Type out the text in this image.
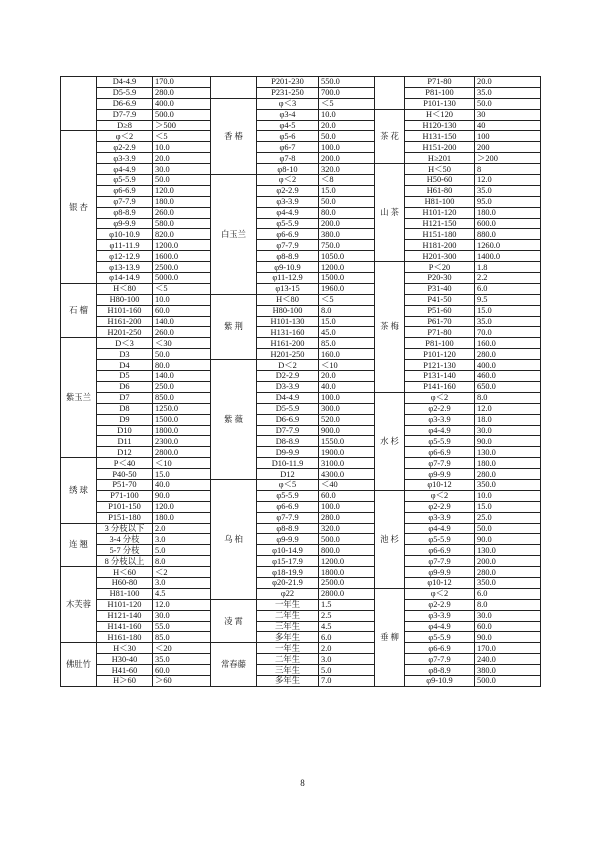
	D4-4.9	170.0
	D5-5.9	280.0
	D6-6.9	400.0
	D7-7.9	500.0
	D≥8	＞500
银 杏	φ＜2	＜5
	φ2-2.9	10.0
	φ3-3.9	20.0
	φ4-4.9	30.0
	φ5-5.9	50.0
	φ6-6.9	120.0
	φ7-7.9	180.0
	φ8-8.9	260.0
	φ9-9.9	580.0
	φ10-10.9	820.0
	φ11-11.9	1200.0
	φ12-12.9	1600.0
	φ13-13.9	2500.0
	φ14-14.9	5000.0
石 榴	H＜80	＜5
	H80-100	10.0
	H101-160	60.0
	H161-200	140.0
	H201-250	260.0
紫玉兰	D＜3	＜30
	D3	50.0
	D4	80.0
	D5	140.0
	D6	250.0
	D7	850.0
	D8	1250.0
	D9	1500.0
	D10	1800.0
	D11	2300.0
	D12	2800.0
绣 球	P＜40	＜10
	P40-50	15.0
	P51-70	40.0
	P71-100	90.0
	P101-150	120.0
	P151-180	180.0
连 翘	3 分枝以下	2.0
	3-4 分枝	3.0
	5-7 分枝	5.0
	8 分枝以上	8.0
木芙蓉	H＜60	＜2
	H60-80	3.0
	H81-100	4.5
	H101-120	12.0
	H121-140	30.0
	H141-160	55.0
	H161-180	85.0
佛肚竹	H＜30	＜20
	H30-40	35.0
	H41-60	60.0
	H＞60	＞60
	P201-230	550.0
	P231-250	700.0
香 椿	φ＜3	＜5
	φ3-4	10.0
	φ4-5	20.0
	φ5-6	50.0
	φ6-7	100.0
	φ7-8	200.0
	φ8-10	320.0
白玉兰	φ＜2	＜8
	φ2-2.9	15.0
	φ3-3.9	50.0
	φ4-4.9	80.0
	φ5-5.9	200.0
	φ6-6.9	380.0
	φ7-7.9	750.0
	φ8-8.9	1050.0
	φ9-10.9	1200.0
	φ11-12.9	1500.0
	φ13-15	1960.0
紫 荆	H＜80	＜5
	H80-100	8.0
	H101-130	15.0
	H131-160	45.0
	H161-200	85.0
	H201-250	160.0
紫 薇	D＜2	＜10
	D2-2.9	20.0
	D3-3.9	40.0
	D4-4.9	100.0
	D5-5.9	300.0
	D6-6.9	520.0
	D7-7.9	900.0
	D8-8.9	1550.0
	D9-9.9	1900.0
	D10-11.9	3100.0
	D12	4300.0
乌 桕	φ＜5	＜40
	φ5-5.9	60.0
	φ6-6.9	100.0
	φ7-7.9	280.0
	φ8-8.9	320.0
	φ9-9.9	500.0
	φ10-14.9	800.0
	φ15-17.9	1200.0
	φ18-19.9	1800.0
	φ20-21.9	2500.0
	φ22	2800.0
凌 霄	一年生	1.5
	二年生	2.5
	三年生	4.5
	多年生	6.0
常春藤	一年生	2.0
	二年生	3.0
	三年生	5.0
	多年生	7.0
	P71-80	20.0
	P81-100	35.0
	P101-130	50.0
茶 花	H＜120	30
	H120-130	40
	H131-150	100
	H151-200	200
	H≥201	＞200
山 茶	H＜50	8
	H50-60	12.0
	H61-80	35.0
	H81-100	95.0
	H101-120	180.0
	H121-150	600.0
	H151-180	880.0
	H181-200	1260.0
	H201-300	1400.0
茶 梅	P＜20	1.8
	P20-30	2.2
	P31-40	6.0
	P41-50	9.5
	P51-60	15.0
	P61-70	35.0
	P71-80	70.0
	P81-100	160.0
	P101-120	280.0
	P121-130	400.0
	P131-140	460.0
	P141-160	650.0
水 杉	φ＜2	8.0
	φ2-2.9	12.0
	φ3-3.9	18.0
	φ4-4.9	30.0
	φ5-5.9	90.0
	φ6-6.9	130.0
	φ7-7.9	180.0
	φ9-9.9	280.0
	φ10-12	350.0
池 杉	φ＜2	10.0
	φ2-2.9	15.0
	φ3-3.9	25.0
	φ4-4.9	50.0
	φ5-5.9	90.0
	φ6-6.9	130.0
	φ7-7.9	200.0
	φ9-9.9	280.0
	φ10-12	350.0
垂 柳	φ＜2	6.0
	φ2-2.9	8.0
	φ3-3.9	30.0
	φ4-4.9	60.0
	φ5-5.9	90.0
	φ6-6.9	170.0
	φ7-7.9	240.0
	φ8-8.9	380.0
	φ9-10.9	500.0
8
